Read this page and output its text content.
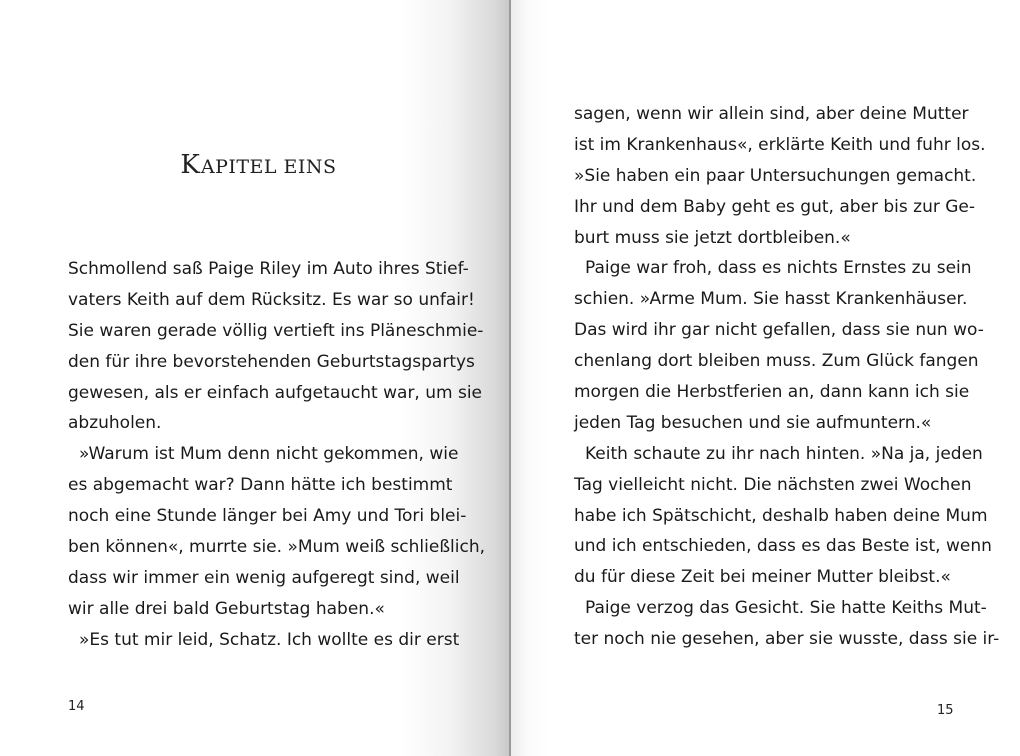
KAPITEL EINS
Schmollend saß Paige Riley im Auto ihres Stief-
vaters Keith auf dem Rücksitz. Es war so unfair!
Sie waren gerade völlig vertieft ins Pläneschmie-
den für ihre bevorstehenden Geburtstagspartys
gewesen, als er einfach aufgetaucht war, um sie
abzuholen.
»Warum ist Mum denn nicht gekommen, wie
es abgemacht war? Dann hätte ich bestimmt
noch eine Stunde länger bei Amy und Tori blei-
ben können«, murrte sie. »Mum weiß schließlich,
dass wir immer ein wenig aufgeregt sind, weil
wir alle drei bald Geburtstag haben.«
»Es tut mir leid, Schatz. Ich wollte es dir erst
14
sagen, wenn wir allein sind, aber deine Mutter
ist im Krankenhaus«, erklärte Keith und fuhr los.
»Sie haben ein paar Untersuchungen gemacht.
Ihr und dem Baby geht es gut, aber bis zur Ge-
burt muss sie jetzt dortbleiben.«
Paige war froh, dass es nichts Ernstes zu sein
schien. »Arme Mum. Sie hasst Krankenhäuser.
Das wird ihr gar nicht gefallen, dass sie nun wo-
chenlang dort bleiben muss. Zum Glück fangen
morgen die Herbstferien an, dann kann ich sie
jeden Tag besuchen und sie aufmuntern.«
Keith schaute zu ihr nach hinten. »Na ja, jeden
Tag vielleicht nicht. Die nächsten zwei Wochen
habe ich Spätschicht, deshalb haben deine Mum
und ich entschieden, dass es das Beste ist, wenn
du für diese Zeit bei meiner Mutter bleibst.«
Paige verzog das Gesicht. Sie hatte Keiths Mut-
ter noch nie gesehen, aber sie wusste, dass sie ir-
15
